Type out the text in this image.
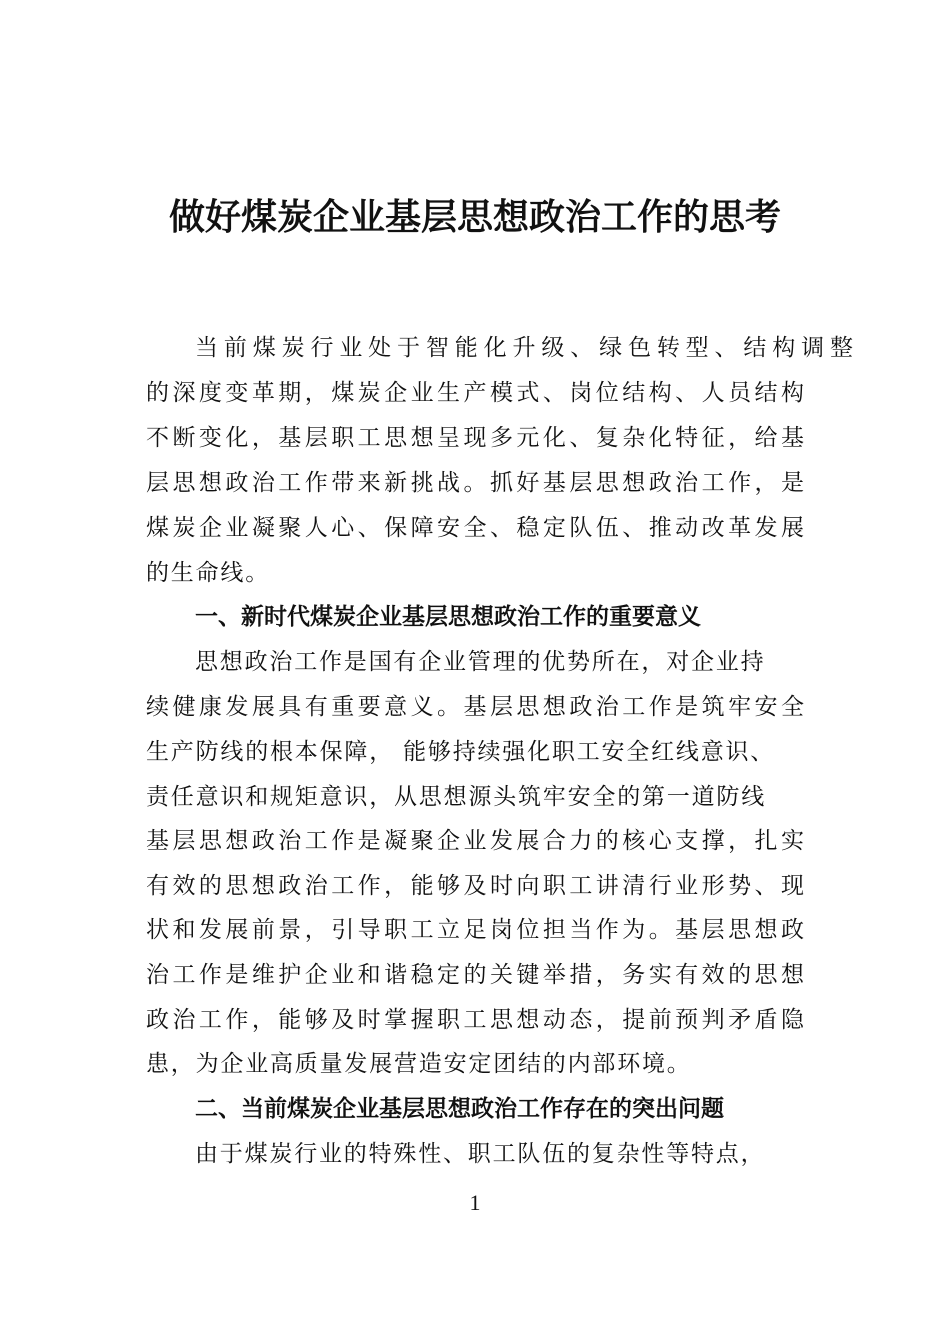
做好煤炭企业基层思想政治工作的思考
当前煤炭行业处于智能化升级、绿色转型、结构调整
的深度变革期，煤炭企业生产模式、岗位结构、人员结构
不断变化，基层职工思想呈现多元化、复杂化特征，给基
层思想政治工作带来新挑战。抓好基层思想政治工作，是
煤炭企业凝聚人心、保障安全、稳定队伍、推动改革发展
的生命线。
一、新时代煤炭企业基层思想政治工作的重要意义
思想政治工作是国有企业管理的优势所在，对企业持
续健康发展具有重要意义。基层思想政治工作是筑牢安全
生产防线的根本保障， 能够持续强化职工安全红线意识、
责任意识和规矩意识，从思想源头筑牢安全的第一道防线
基层思想政治工作是凝聚企业发展合力的核心支撑，扎实
有效的思想政治工作，能够及时向职工讲清行业形势、现
状和发展前景，引导职工立足岗位担当作为。基层思想政
治工作是维护企业和谐稳定的关键举措，务实有效的思想
政治工作，能够及时掌握职工思想动态，提前预判矛盾隐
患，为企业高质量发展营造安定团结的内部环境。
二、当前煤炭企业基层思想政治工作存在的突出问题
由于煤炭行业的特殊性、职工队伍的复杂性等特点，
1
